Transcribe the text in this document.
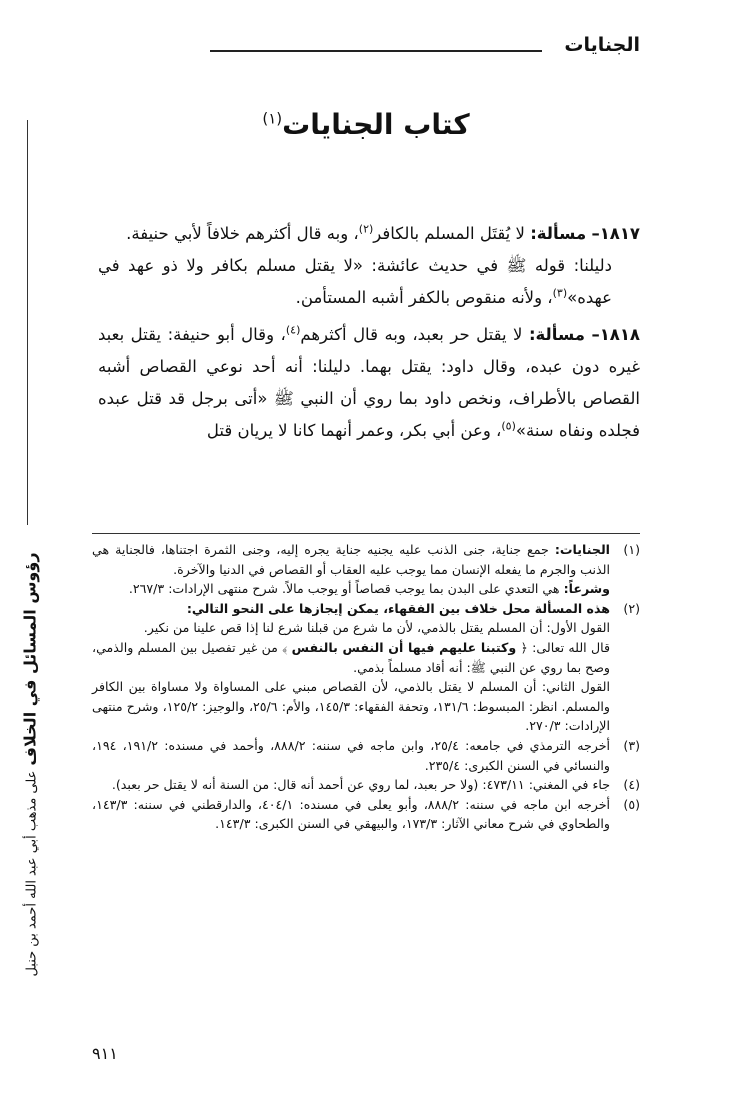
الجنايات
رؤوس المسائل في الخلاف على مذهب أبي عبد الله أحمد بن حنبل
كتاب الجنايات$^{(١)}$

١٨١٧– مسألة: لا يُقتَل المسلم بالكافر$^{(٢)}$، وبه قال أكثرهم خلافاً لأبي حنيفة.

دليلنا: قوله ﷺ في حديث عائشة: «لا يقتل مسلم بكافر ولا ذو عهد في عهده»$^{(٣)}$، ولأنه منقوص بالكفر أشبه المستأمن.

١٨١٨– مسألة: لا يقتل حر بعبد، وبه قال أكثرهم$^{(٤)}$، وقال أبو حنيفة: يقتل بعبد غيره دون عبده، وقال داود: يقتل بهما. دليلنا: أنه أحد نوعي القصاص أشبه القصاص بالأطراف، ونخص داود بما روي أن النبي ﷺ «أتى برجل قد قتل عبده فجلده ونفاه سنة»$^{(٥)}$، وعن أبي بكر، وعمر أنهما كانا لا يريان قتل

(١)

الجنايات: جمع جناية، جنى الذنب عليه يجنيه جناية يجره إليه، وجنى الثمرة اجتناها، فالجناية هي الذنب والجرم ما يفعله الإنسان مما يوجب عليه العقاب أو القصاص في الدنيا والآخرة.

وشرعاً: هي التعدي على البدن بما يوجب قصاصاً أو يوجب مالاً. شرح منتهى الإرادات: ٢٦٧/٣.

(٢)

هذه المسألة محل خلاف بين الفقهاء، يمكن إيجازها على النحو التالي:

القول الأول: أن المسلم يقتل بالذمي، لأن ما شرع من قبلنا شرع لنا إذا قص علينا من نكير.

قال الله تعالى: ﴿ وكتبنا عليهم فيها أن النفس بالنفس ﴾ من غير تفصيل بين المسلم والذمي، وصح بما روي عن النبي ﷺ: أنه أقاد مسلماً بذمي.

القول الثاني: أن المسلم لا يقتل بالذمي، لأن القصاص مبني على المساواة ولا مساواة بين الكافر والمسلم. انظر: المبسوط: ١٣١/٦، وتحفة الفقهاء: ١٤٥/٣، والأم: ٢٥/٦، والوجيز: ١٢٥/٢، وشرح منتهى الإرادات: ٢٧٠/٣.

(٣)

أخرجه الترمذي في جامعه: ٢٥/٤، وابن ماجه في سننه: ٨٨٨/٢، وأحمد في مسنده: ١٩١/٢، ١٩٤، والنسائي في السنن الكبرى: ٢٣٥/٤.

(٤)

جاء في المغني: ٤٧٣/١١: (ولا حر بعبد، لما روي عن أحمد أنه قال: من السنة أنه لا يقتل حر بعبد).

(٥)

أخرجه ابن ماجه في سننه: ٨٨٨/٢، وأبو يعلى في مسنده: ٤٠٤/١، والدارقطني في سننه: ١٤٣/٣، والطحاوي في شرح معاني الآثار: ١٧٣/٣، والبيهقي في السنن الكبرى: ١٤٣/٣.

٩١١
